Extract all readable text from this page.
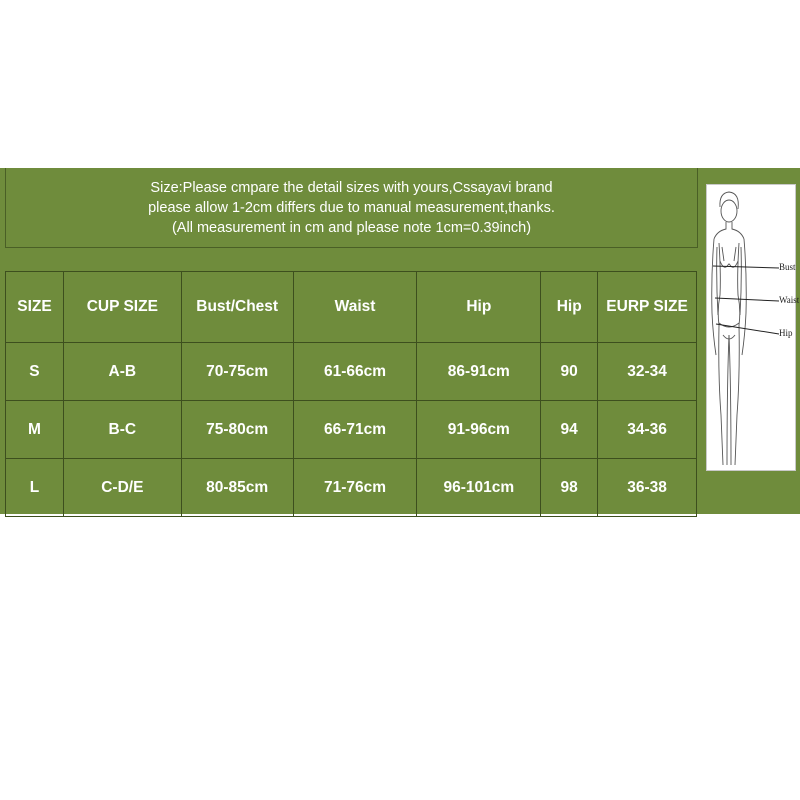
Size:Please cmpare the detail sizes with yours,Cssayavi brand
please allow 1-2cm differs due to manual measurement,thanks.
(All measurement in cm and please note 1cm=0.39inch)
SIZE	CUP SIZE	Bust/Chest	Waist	Hip	Hip	EURP SIZE
S	A-B	70-75cm	61-66cm	86-91cm	90	32-34
M	B-C	75-80cm	66-71cm	91-96cm	94	34-36
L	C-D/E	80-85cm	71-76cm	96-101cm	98	36-38
Bust
Waist
Hip
